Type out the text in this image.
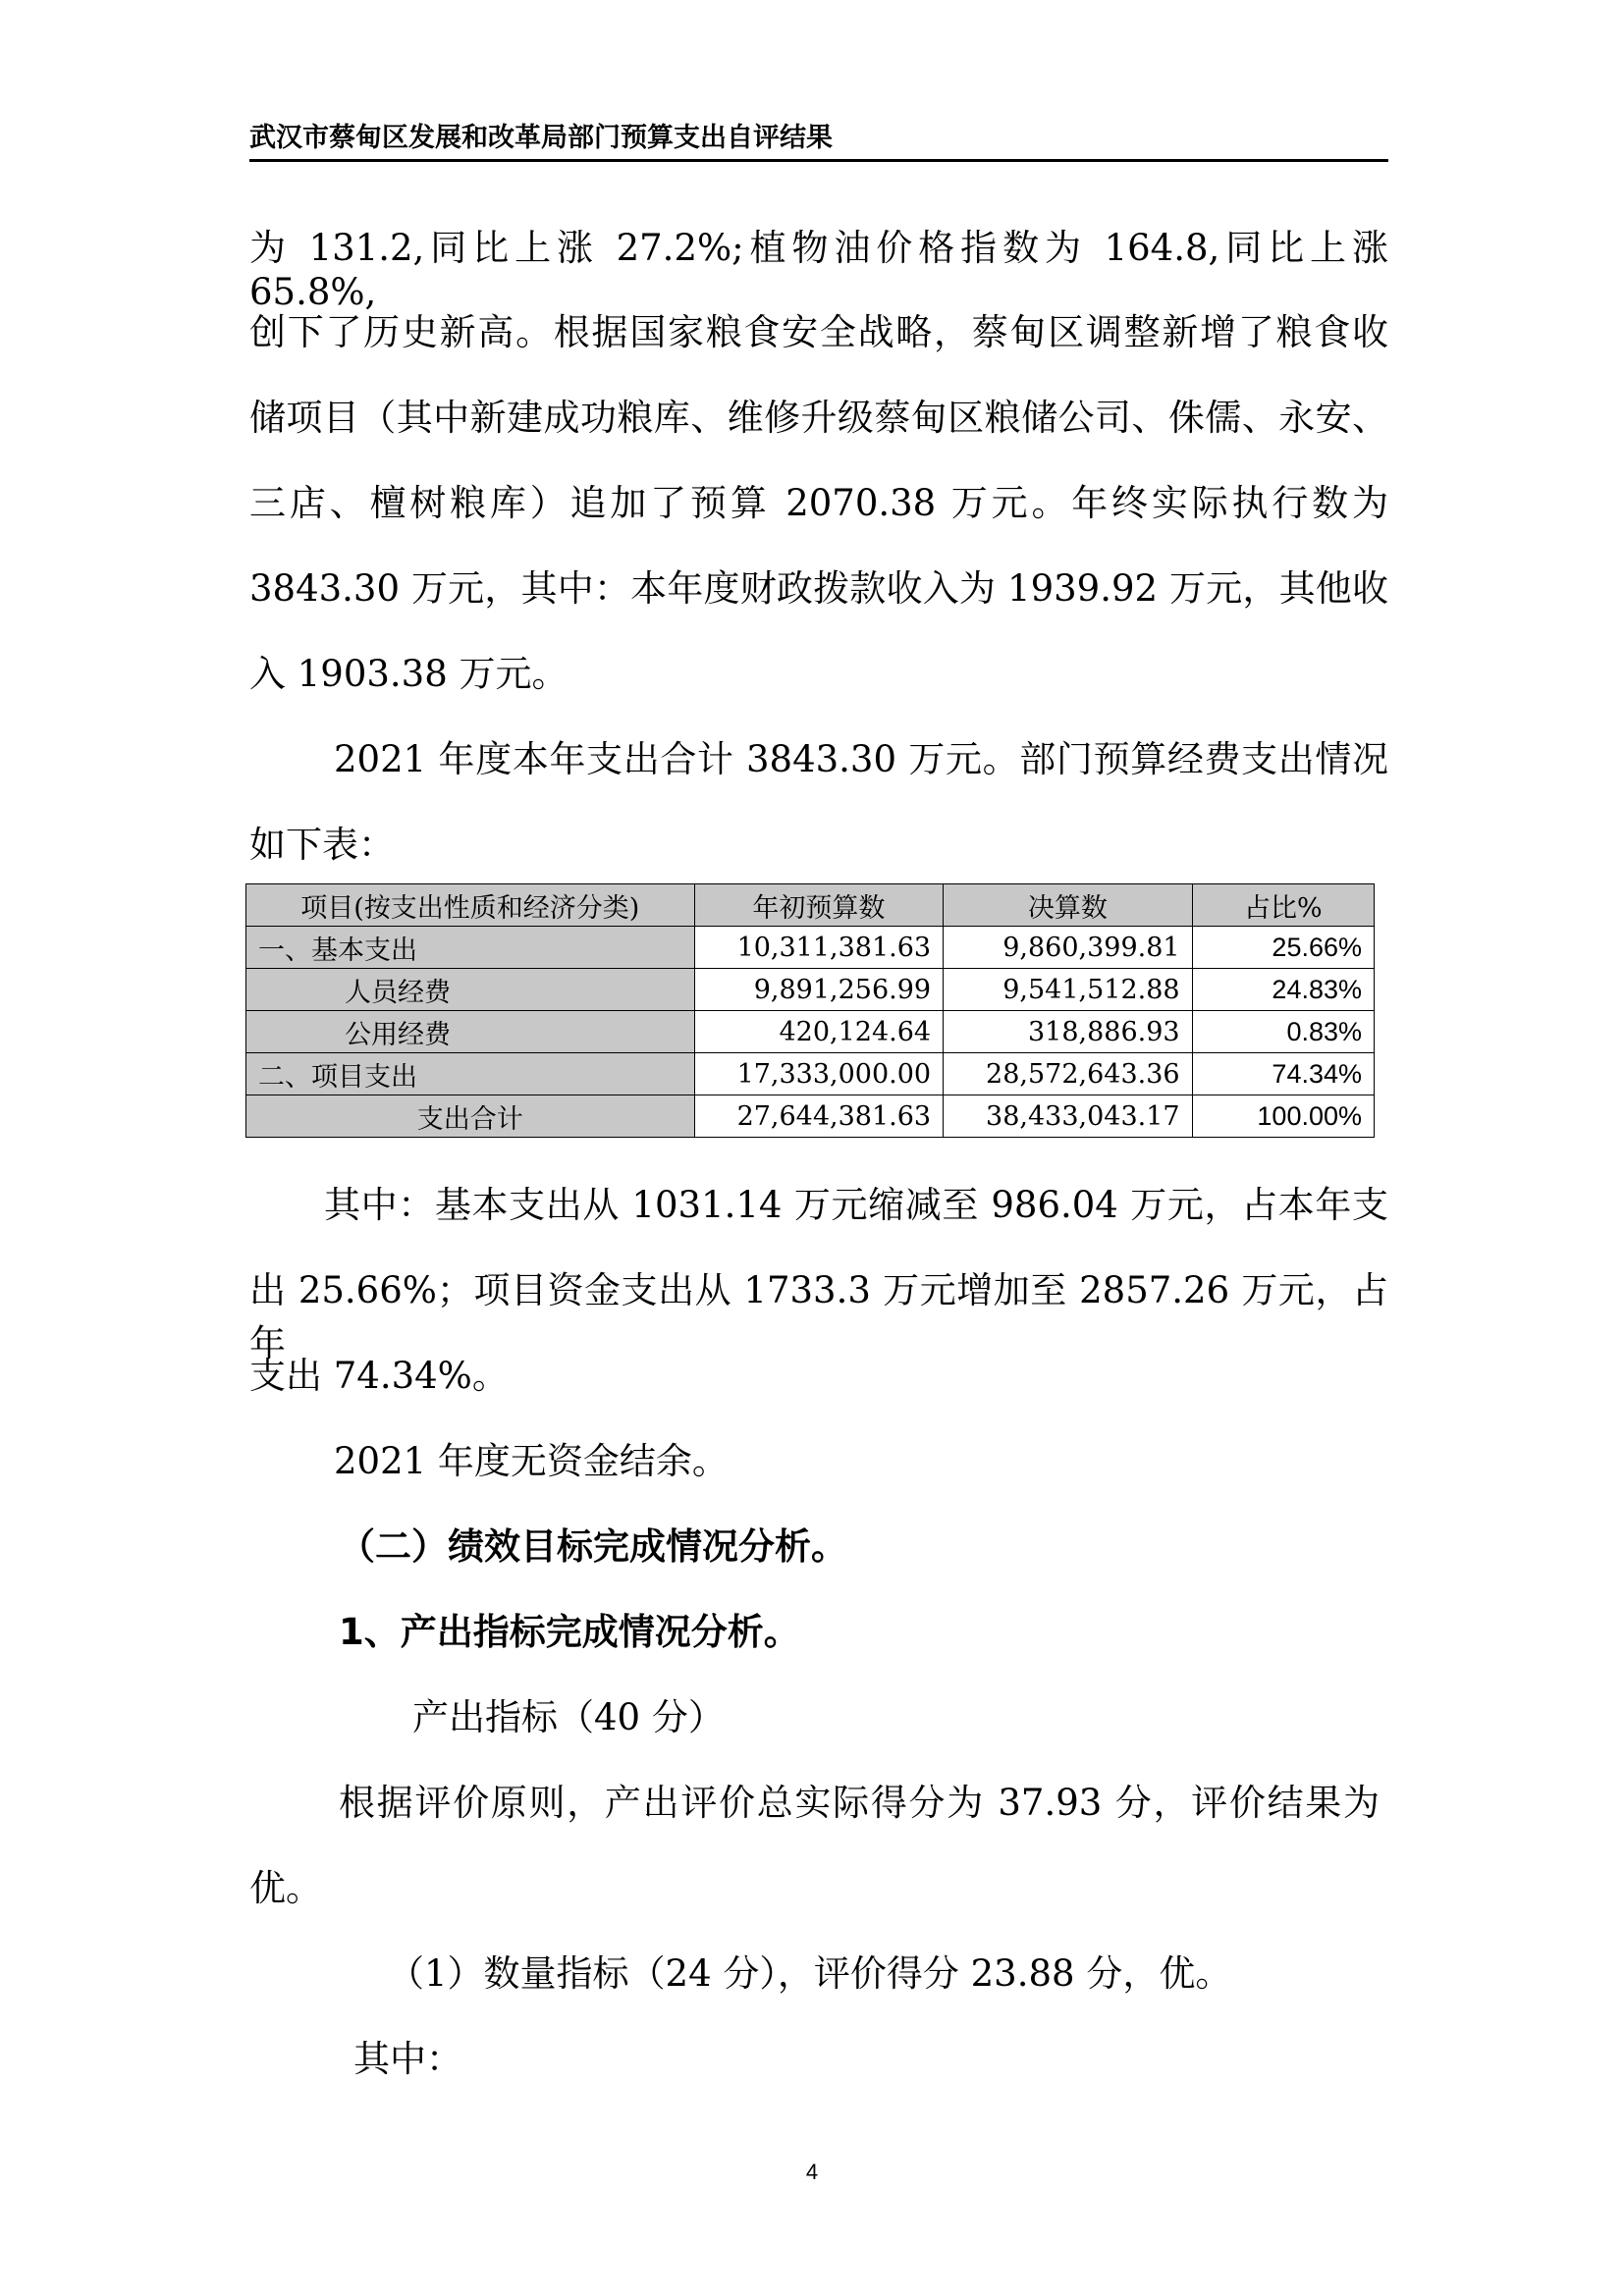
武汉市蔡甸区发展和改革局部门预算支出自评结果
为 131.2,同比上涨 27.2%;植物油价格指数为 164.8,同比上涨 65.8%,
创下了历史新高。根据国家粮食安全战略，蔡甸区调整新增了粮食收
储项目（其中新建成功粮库、维修升级蔡甸区粮储公司、侏儒、永安、
三店、檀树粮库）追加了预算 2070.38 万元。年终实际执行数为
3843.30 万元，其中：本年度财政拨款收入为 1939.92 万元，其他收
入 1903.38 万元。
2021 年度本年支出合计 3843.30 万元。部门预算经费支出情况
如下表：
项目(按支出性质和经济分类)	年初预算数	决算数	占比%
一、基本支出	10,311,381.63	9,860,399.81	25.66%
人员经费	9,891,256.99	9,541,512.88	24.83%
公用经费	420,124.64	318,886.93	0.83%
二、项目支出	17,333,000.00	28,572,643.36	74.34%
支出合计	27,644,381.63	38,433,043.17	100.00%
其中：基本支出从 1031.14 万元缩减至 986.04 万元，占本年支
出 25.66%；项目资金支出从 1733.3 万元增加至 2857.26 万元，占年
支出 74.34%。
2021 年度无资金结余。
（二）绩效目标完成情况分析。
1、产出指标完成情况分析。
产出指标（40 分）
根据评价原则，产出评价总实际得分为 37.93 分，评价结果为
优。
（1）数量指标（24 分），评价得分 23.88 分，优。
其中：
4
